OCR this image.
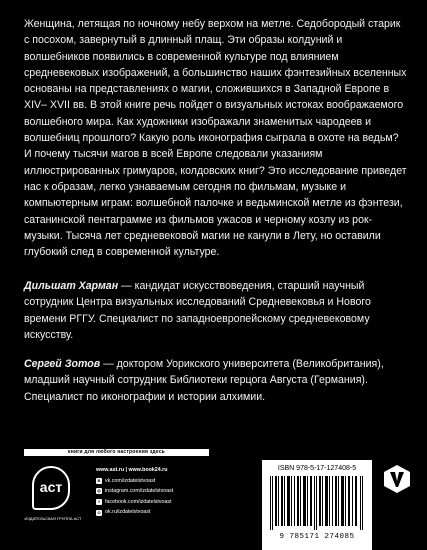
Женщина, летящая по ночному небу верхом на метле. Седобородый старик с посохом, завернутый в длинный плащ. Эти образы колдуний и волшебников появились в современной культуре под влиянием средневековых изображений, а большинство наших фэнтезийных вселенных основаны на представлениях о магии, сложившихся в Западной Европе в XIV– XVII вв. В этой книге речь пойдет о визуальных истоках воображаемого волшебного мира. Как художники изображали знаменитых чародеев и волшебниц прошлого? Какую роль иконография сыграла в охоте на ведьм? И почему тысячи магов в всей Европе следовали указаниям иллюстрированных гримуаров, колдовских книг? Это исследование приведет нас к образам, легко узнаваемым сегодня по фильмам, музыке и компьютерным играм: волшебной палочке и ведьминской метле из фэнтези, сатанинской пентаграмме из фильмов ужасов и черному козлу из рок-музыки. Тысяча лет средневековой магии не канули в Лету, но оставили глубокий след в современной культуре.

Дильшат Харман — кандидат искусствоведения, старший научный сотрудник Центра визуальных исследований Средневековья и Нового времени РГГУ. Специалист по западноевропейскому средневековому искусству.

Сергей Зотов — доктором Уорикского университета (Великобритания), младший научный сотрудник Библиотеки герцога Августа (Германия). Специалист по иконографии и истории алхимии.

книги для любого настроения здесь
аст
ИЗДАТЕЛЬСКАЯ ГРУППА АСТ
www.ast.ru | www.book24.ru
В vk.com/izdatelstvoast
◎ instagram.com/izdatelstvoast
f	facebook.com/izdatelstvoast
О ok.ru/izdatelstvoast
ISBN 978-5-17-127408-5
9 785171 274085
